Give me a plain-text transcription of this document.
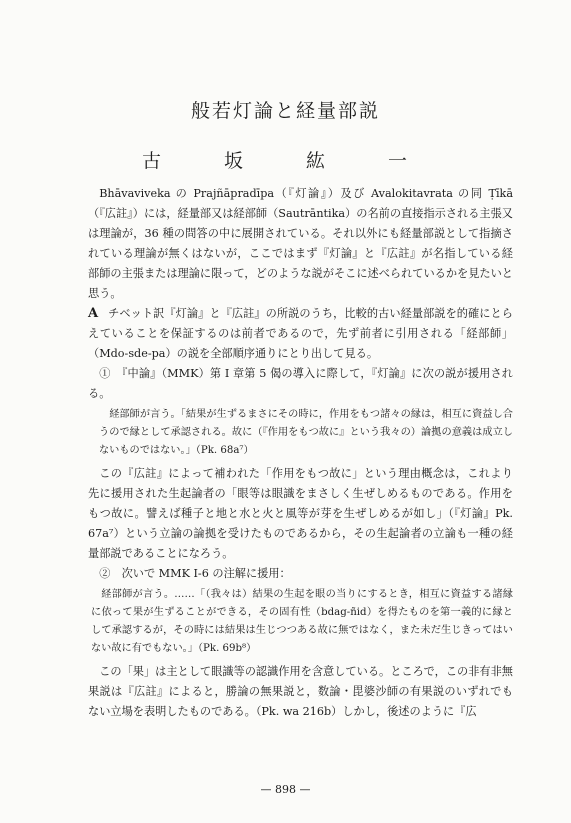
般若灯論と経量部説
古　坂　紘　一

Bhāvaviveka の Prajñāpradīpa（『灯論』）及び Avalokitavrata の同 Ṭīkā（『広註』）には，経量部又は経部師（Sautrāntika）の名前の直接指示される主張又は理論が，36 種の問答の中に展開されている。それ以外にも経量部説として指摘されている理論が無くはないが，ここではまず『灯論』と『広註』が名指している経部師の主張または理論に限って，どのような説がそこに述べられているかを見たいと思う。

A チベット訳『灯論』と『広註』の所説のうち，比較的古い経量部説を的確にとらえていることを保証するのは前者であるので，先ず前者に引用される「経部師」（Mdo-sde-pa）の説を全部順序通りにとり出して見る。

①　『中論』（MMK）第 I 章第 5 偈の導入に際して，『灯論』に次の説が援用される。

経部師が言う。「結果が生ずるまさにその時に，作用をもつ諸々の縁は，相互に資益し合うので縁として承認される。故に（『作用をもつ故に』という我々の）論拠の意義は成立しないものではない。」（Pk. 68a⁷）

この『広註』によって補われた「作用をもつ故に」という理由概念は，これより先に援用された生起論者の「眼等は眼識をまさしく生ぜしめるものである。作用をもつ故に。譬えば種子と地と水と火と風等が芽を生ぜしめるが如し」（『灯論』Pk. 67a⁷）という立論の論拠を受けたものであるから，その生起論者の立論も一種の経量部説であることになろう。

②　次いで MMK I-6 の注解に援用：

経部師が言う。……「（我々は）結果の生起を眼の当りにするとき，相互に資益する諸縁に依って果が生ずることができる，その固有性（bdag-ñid）を得たものを第一義的に縁として承認するが，その時には結果は生じつつある故に無ではなく，また未だ生じきってはいない故に有でもない。」（Pk. 69b⁸）

この「果」は主として眼識等の認識作用を含意している。ところで，この非有非無果説は『広註』によると，勝論の無果説と，数論・毘婆沙師の有果説のいずれでもない立場を表明したものである。（Pk. wa 216b）しかし，後述のように『広

— 898 —
